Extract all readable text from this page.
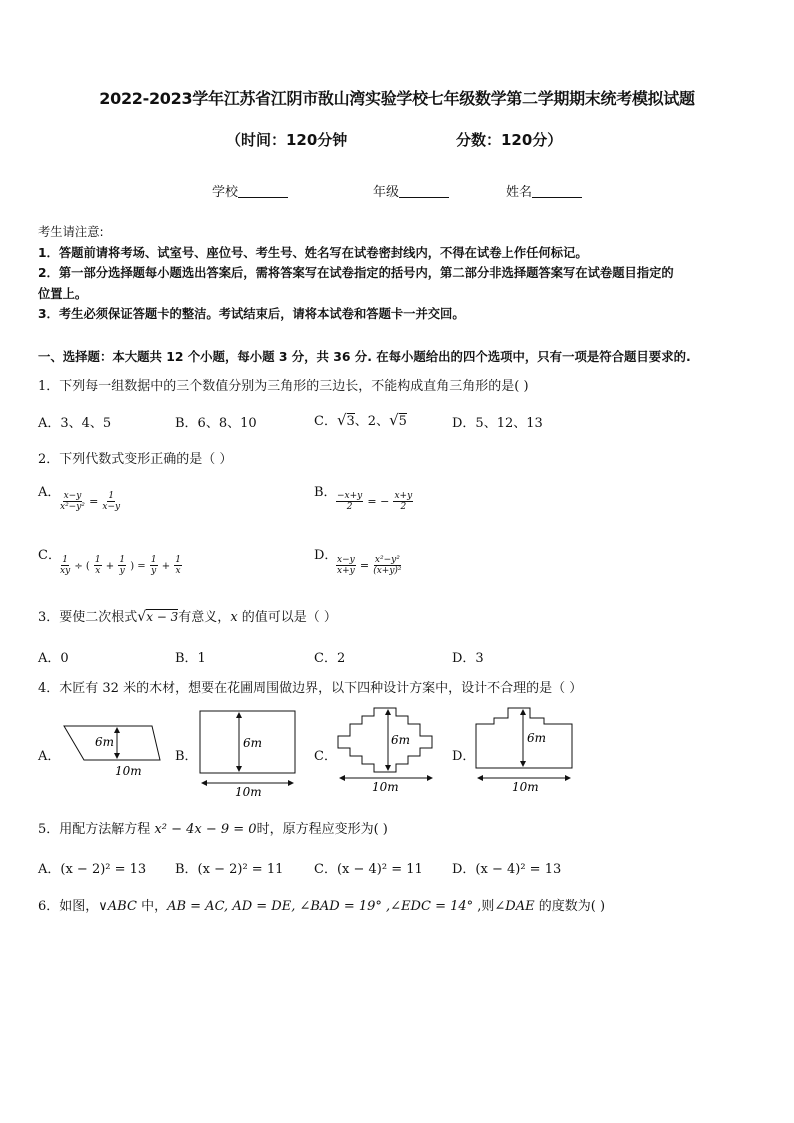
2022-2023学年江苏省江阴市敔山湾实验学校七年级数学第二学期期末统考模拟试题
（时间：120分钟	分数：120分）
学校	年级	姓名
考生请注意:
1．答题前请将考场、试室号、座位号、考生号、姓名写在试卷密封线内，不得在试卷上作任何标记。
2．第一部分选择题每小题选出答案后，需将答案写在试卷指定的括号内，第二部分非选择题答案写在试卷题目指定的
位置上。
3．考生必须保证答题卡的整洁。考试结束后，请将本试卷和答题卡一并交回。
一、选择题：本大题共 12 个小题，每小题 3 分，共 36 分. 在每小题给出的四个选项中，只有一项是符合题目要求的.
1．下列每一组数据中的三个数值分别为三角形的三边长，不能构成直角三角形的是( )
A．3、4、5	B．6、8、10	C．√3、2、√5	D．5、12、13
2．下列代数式变形正确的是（ ）
A． $\frac{x-y}{\text{x²−y²}} = \frac{1}{x-y}$	B． $\frac{-x+y}{2}$ = − $\frac{x+y}{2}$
C． $\frac{1}{xy}$ ÷ ( $\frac{1}{x} + \frac{1}{y}$ ) = $\frac{1}{y} + \frac{1}{x}$	D．
$\frac{x-y}{x+y} = \frac{\text{x²−y²}}{\text{(x+y)²}}$
3．要使二次根式√x − 3有意义，x 的值可以是（ ）
A．0	B．1	C．2	D．3
4．木匠有 32 米的木材，想要在花圃周围做边界，以下四种设计方案中，设计不合理的是（ ）
A．
6m
10m
B．
6m
10m
C．
6m
10m
D．
6m
10m
5．用配方法解方程 x² − 4x − 9 = 0时，原方程应变形为( )
A．(x − 2)² = 13 B．(x − 2)² = 11 C．(x − 4)² = 11 D．(x − 4)² = 13
6．如图，∨ABC 中，AB = AC, AD = DE, ∠BAD = 19° ,∠EDC = 14° ,则∠DAE 的度数为( )
